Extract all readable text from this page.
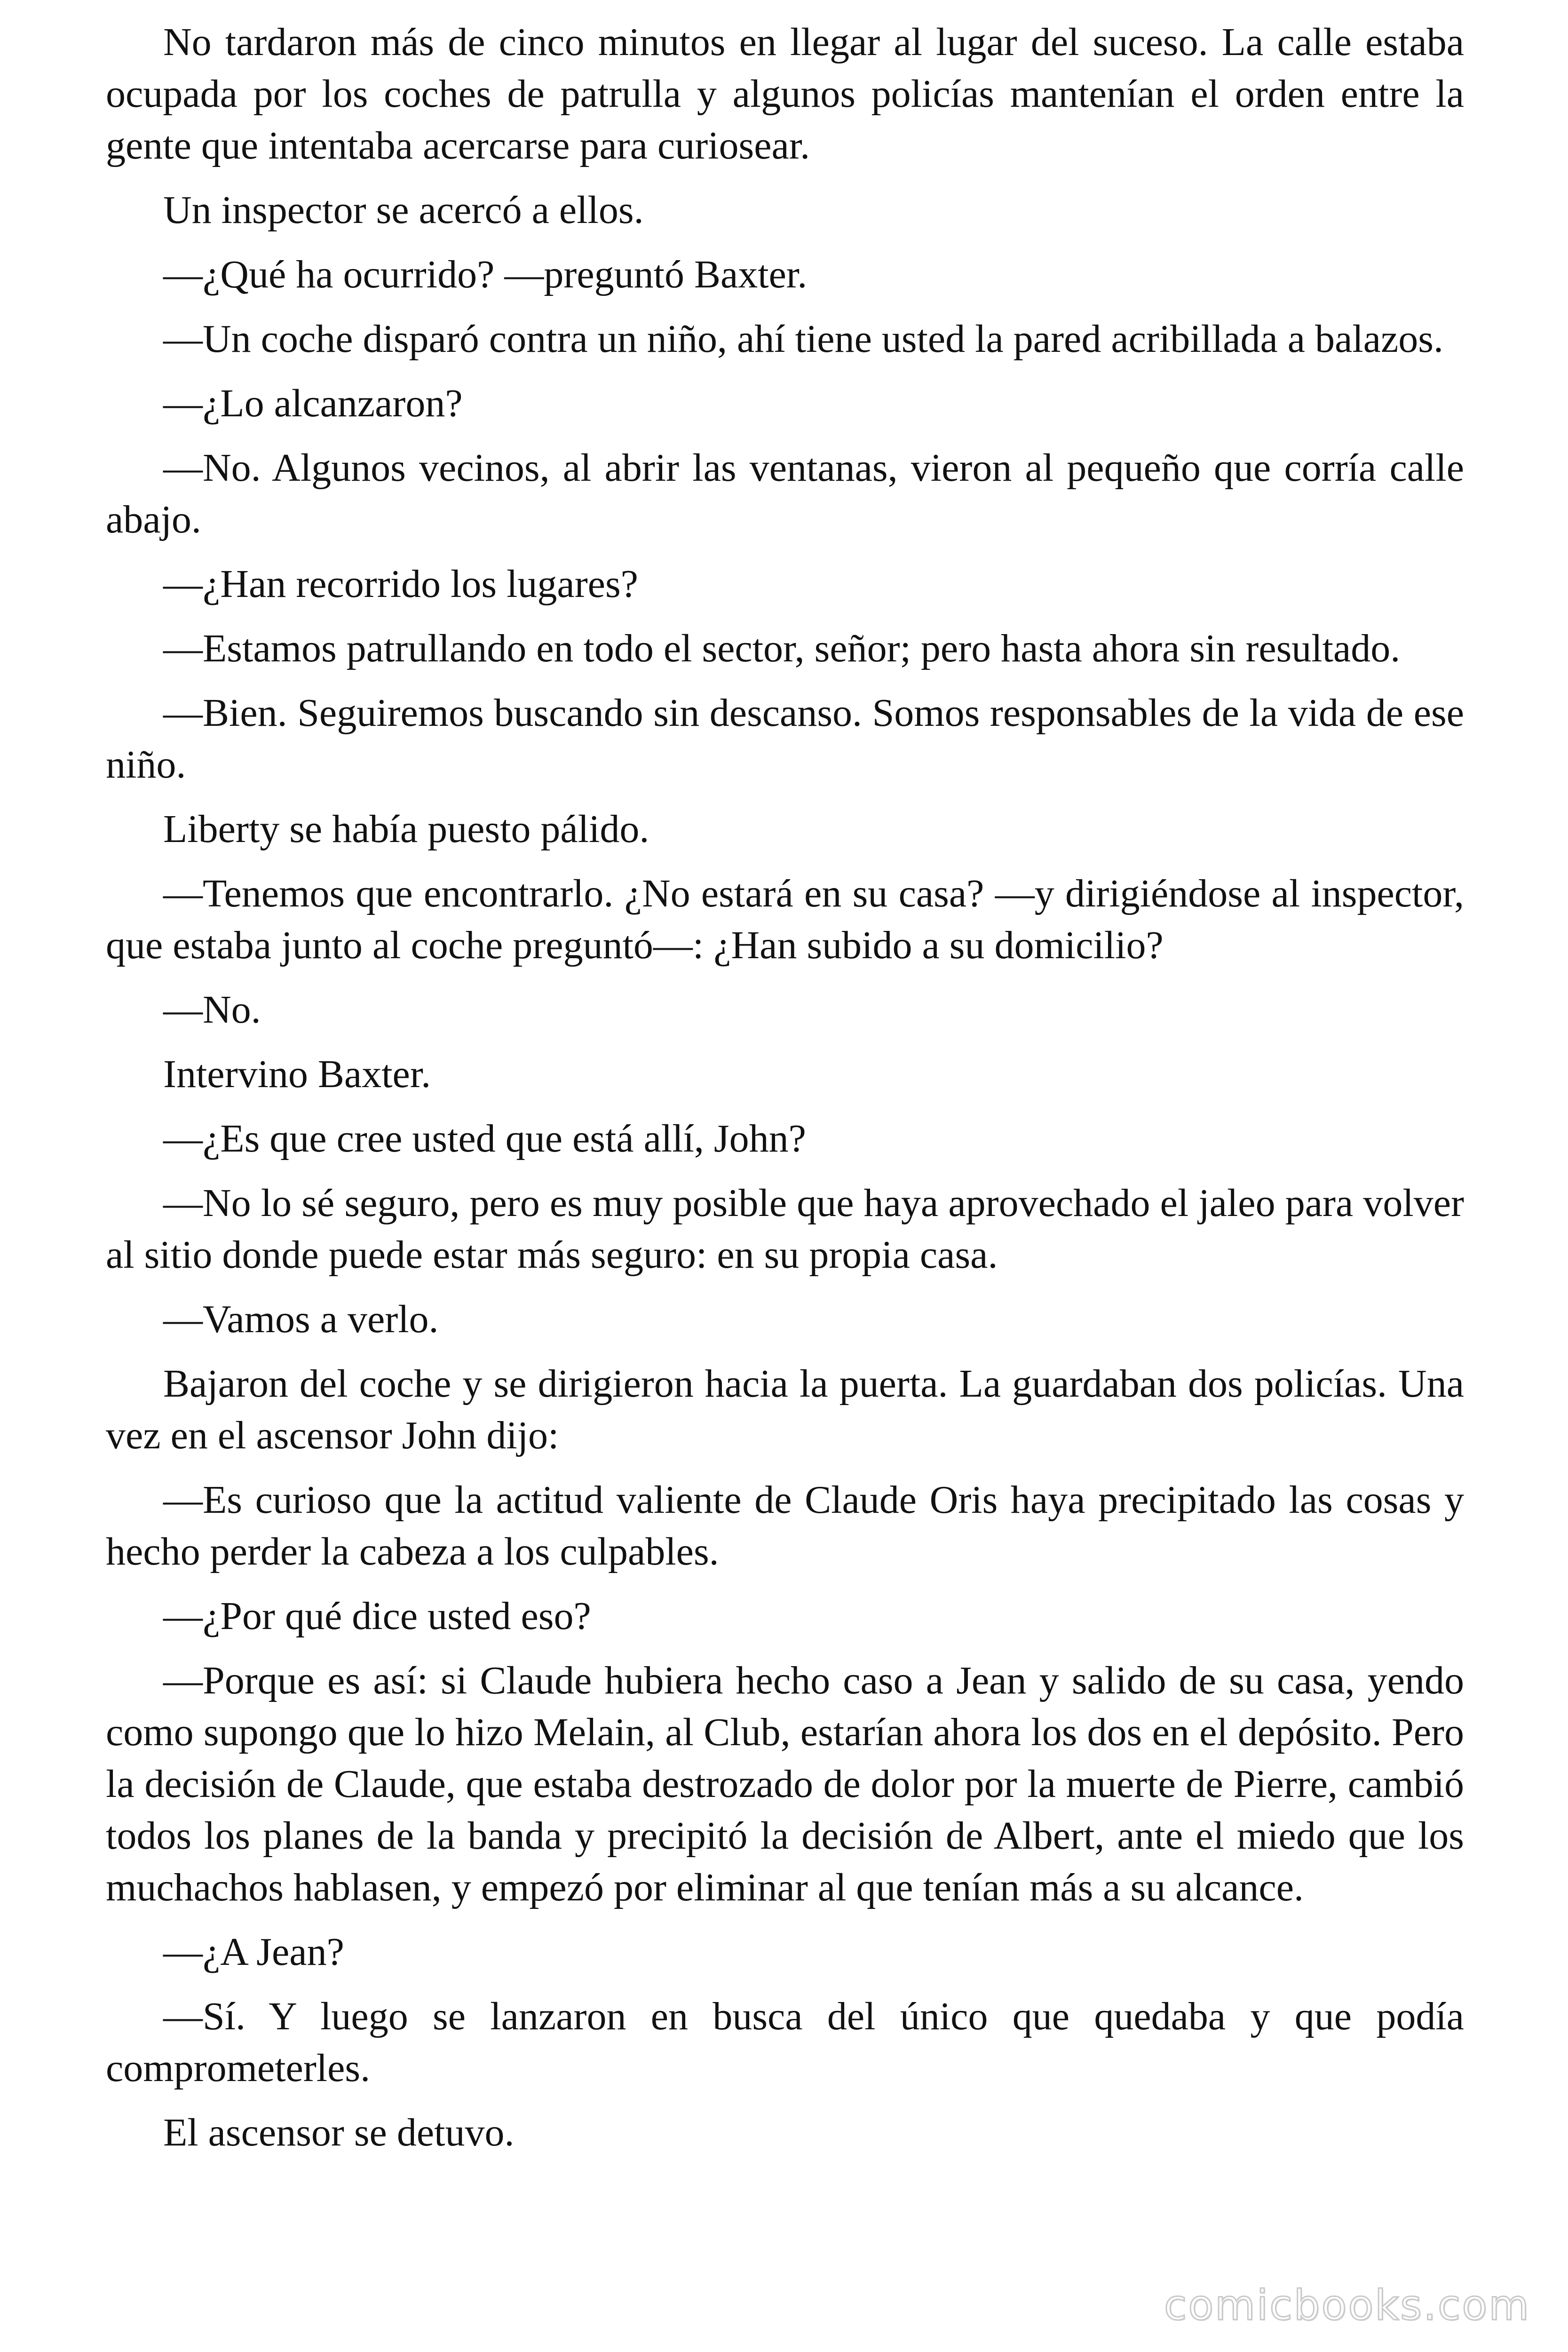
No tardaron más de cinco minutos en llegar al lugar del suceso. La calle estaba ocupada por los coches de patrulla y algunos policías mantenían el orden entre la gente que intentaba acercarse para curiosear.

Un inspector se acercó a ellos.

—¿Qué ha ocurrido? —preguntó Baxter.

—Un coche disparó contra un niño, ahí tiene usted la pared acribillada a balazos.

—¿Lo alcanzaron?

—No. Algunos vecinos, al abrir las ventanas, vieron al pequeño que corría calle abajo.

—¿Han recorrido los lugares?

—Estamos patrullando en todo el sector, señor; pero hasta ahora sin resultado.

—Bien. Seguiremos buscando sin descanso. Somos responsables de la vida de ese niño.

Liberty se había puesto pálido.

—Tenemos que encontrarlo. ¿No estará en su casa? —y dirigiéndose al inspector, que estaba junto al coche preguntó—: ¿Han subido a su domicilio?

—No.

Intervino Baxter.

—¿Es que cree usted que está allí, John?

—No lo sé seguro, pero es muy posible que haya aprovechado el jaleo para volver al sitio donde puede estar más seguro: en su propia casa.

—Vamos a verlo.

Bajaron del coche y se dirigieron hacia la puerta. La guardaban dos policías. Una vez en el ascensor John dijo:

—Es curioso que la actitud valiente de Claude Oris haya precipitado las cosas y hecho perder la cabeza a los culpables.

—¿Por qué dice usted eso?

—Porque es así: si Claude hubiera hecho caso a Jean y salido de su casa, yendo como supongo que lo hizo Melain, al Club, estarían ahora los dos en el depósito. Pero la decisión de Claude, que estaba destrozado de dolor por la muerte de Pierre, cambió todos los planes de la banda y precipitó la decisión de Albert, ante el miedo que los muchachos hablasen, y empezó por eliminar al que tenían más a su alcance.

—¿A Jean?

—Sí. Y luego se lanzaron en busca del único que quedaba y que podía comprometerles.

El ascensor se detuvo.

comicbooks.com
